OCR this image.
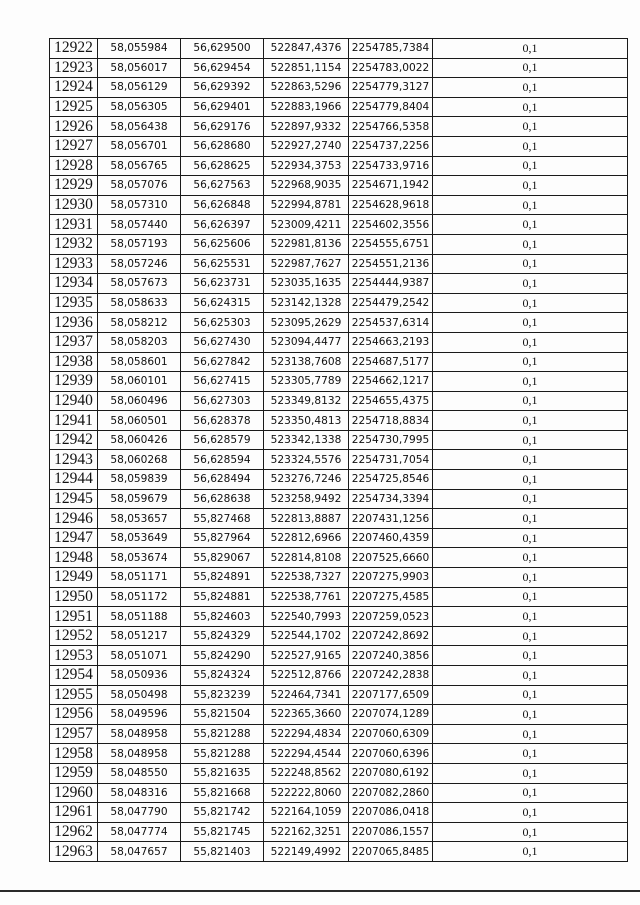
12922	58,055984	56,629500	522847,4376	2254785,7384	0,1
12923	58,056017	56,629454	522851,1154	2254783,0022	0,1
12924	58,056129	56,629392	522863,5296	2254779,3127	0,1
12925	58,056305	56,629401	522883,1966	2254779,8404	0,1
12926	58,056438	56,629176	522897,9332	2254766,5358	0,1
12927	58,056701	56,628680	522927,2740	2254737,2256	0,1
12928	58,056765	56,628625	522934,3753	2254733,9716	0,1
12929	58,057076	56,627563	522968,9035	2254671,1942	0,1
12930	58,057310	56,626848	522994,8781	2254628,9618	0,1
12931	58,057440	56,626397	523009,4211	2254602,3556	0,1
12932	58,057193	56,625606	522981,8136	2254555,6751	0,1
12933	58,057246	56,625531	522987,7627	2254551,2136	0,1
12934	58,057673	56,623731	523035,1635	2254444,9387	0,1
12935	58,058633	56,624315	523142,1328	2254479,2542	0,1
12936	58,058212	56,625303	523095,2629	2254537,6314	0,1
12937	58,058203	56,627430	523094,4477	2254663,2193	0,1
12938	58,058601	56,627842	523138,7608	2254687,5177	0,1
12939	58,060101	56,627415	523305,7789	2254662,1217	0,1
12940	58,060496	56,627303	523349,8132	2254655,4375	0,1
12941	58,060501	56,628378	523350,4813	2254718,8834	0,1
12942	58,060426	56,628579	523342,1338	2254730,7995	0,1
12943	58,060268	56,628594	523324,5576	2254731,7054	0,1
12944	58,059839	56,628494	523276,7246	2254725,8546	0,1
12945	58,059679	56,628638	523258,9492	2254734,3394	0,1
12946	58,053657	55,827468	522813,8887	2207431,1256	0,1
12947	58,053649	55,827964	522812,6966	2207460,4359	0,1
12948	58,053674	55,829067	522814,8108	2207525,6660	0,1
12949	58,051171	55,824891	522538,7327	2207275,9903	0,1
12950	58,051172	55,824881	522538,7761	2207275,4585	0,1
12951	58,051188	55,824603	522540,7993	2207259,0523	0,1
12952	58,051217	55,824329	522544,1702	2207242,8692	0,1
12953	58,051071	55,824290	522527,9165	2207240,3856	0,1
12954	58,050936	55,824324	522512,8766	2207242,2838	0,1
12955	58,050498	55,823239	522464,7341	2207177,6509	0,1
12956	58,049596	55,821504	522365,3660	2207074,1289	0,1
12957	58,048958	55,821288	522294,4834	2207060,6309	0,1
12958	58,048958	55,821288	522294,4544	2207060,6396	0,1
12959	58,048550	55,821635	522248,8562	2207080,6192	0,1
12960	58,048316	55,821668	522222,8060	2207082,2860	0,1
12961	58,047790	55,821742	522164,1059	2207086,0418	0,1
12962	58,047774	55,821745	522162,3251	2207086,1557	0,1
12963	58,047657	55,821403	522149,4992	2207065,8485	0,1
